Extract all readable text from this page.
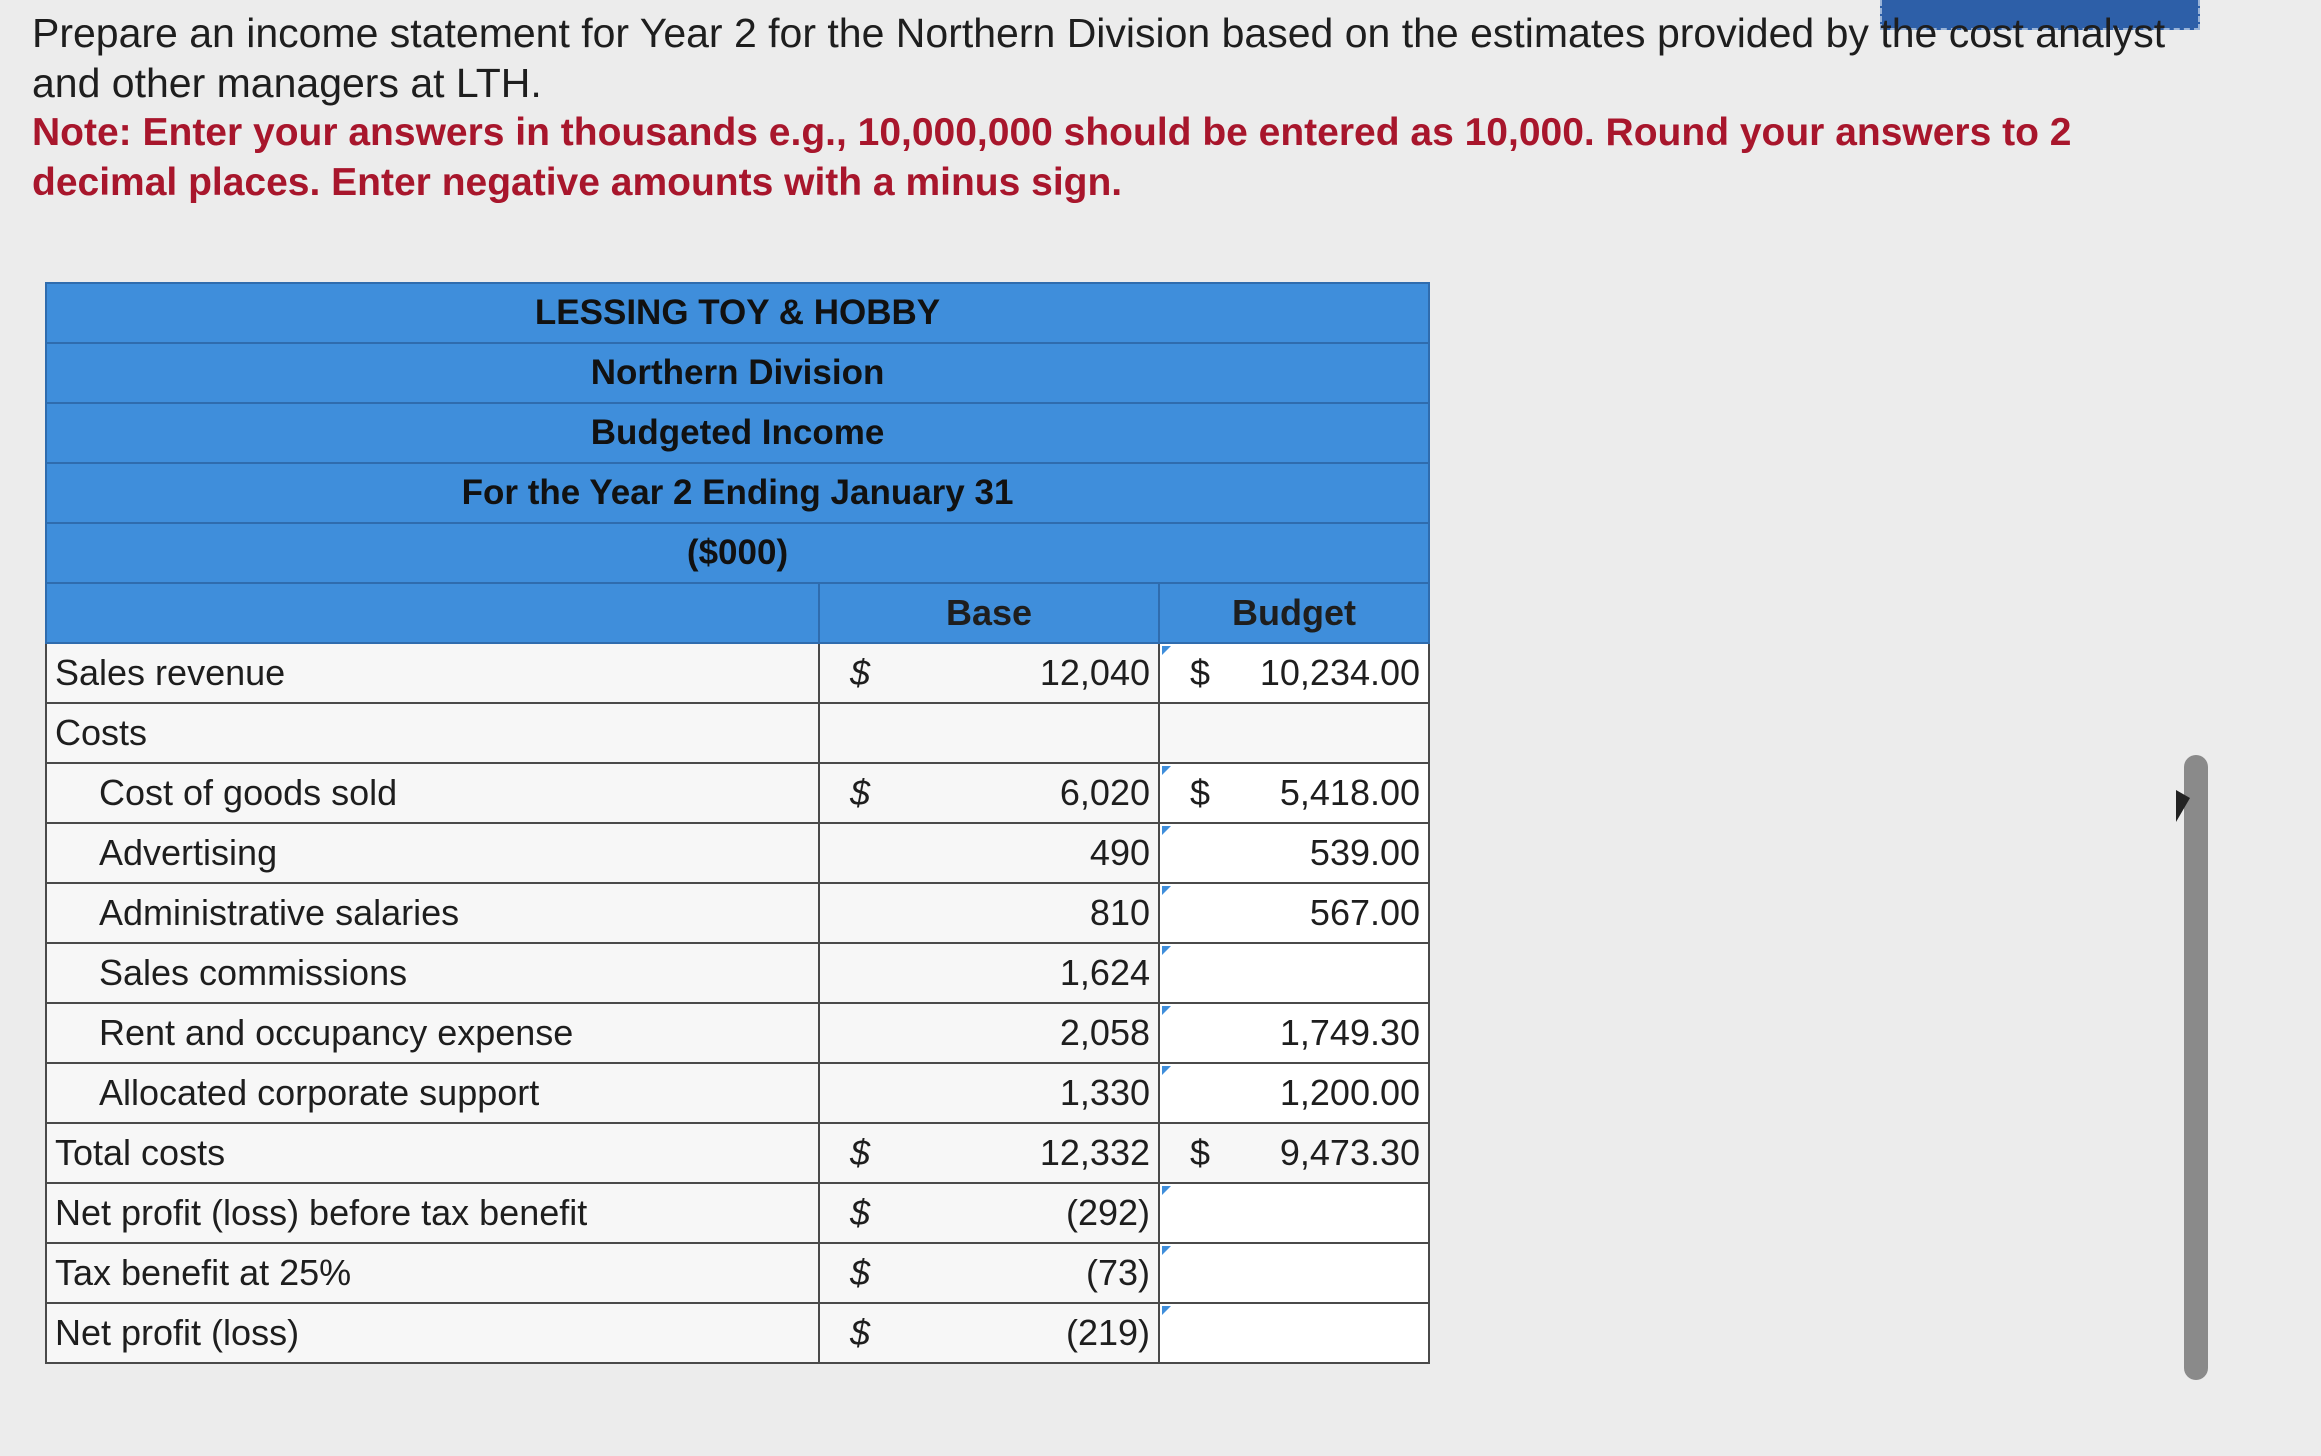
Prepare an income statement for Year 2 for the Northern Division based on the estimates provided by the cost analyst and other managers at LTH.

Note: Enter your answers in thousands e.g., 10,000,000 should be entered as 10,000. Round your answers to 2 decimal places. Enter negative amounts with a minus sign.

LESSING TOY & HOBBY		
Northern Division		
Budgeted Income		
For the Year 2 Ending January 31		
($000)		
	Base	Budget
Sales revenue	$ 12,040	$ 10,234.00
Costs		
Cost of goods sold	$ 6,020	$ 5,418.00
Advertising	490	539.00
Administrative salaries	810	567.00
Sales commissions	1,624	
Rent and occupancy expense	2,058	1,749.30
Allocated corporate support	1,330	1,200.00
Total costs	$ 12,332	$ 9,473.30
Net profit (loss) before tax benefit	$ (292)	
Tax benefit at 25%	$ (73)	
Net profit (loss)	$ (219)	
